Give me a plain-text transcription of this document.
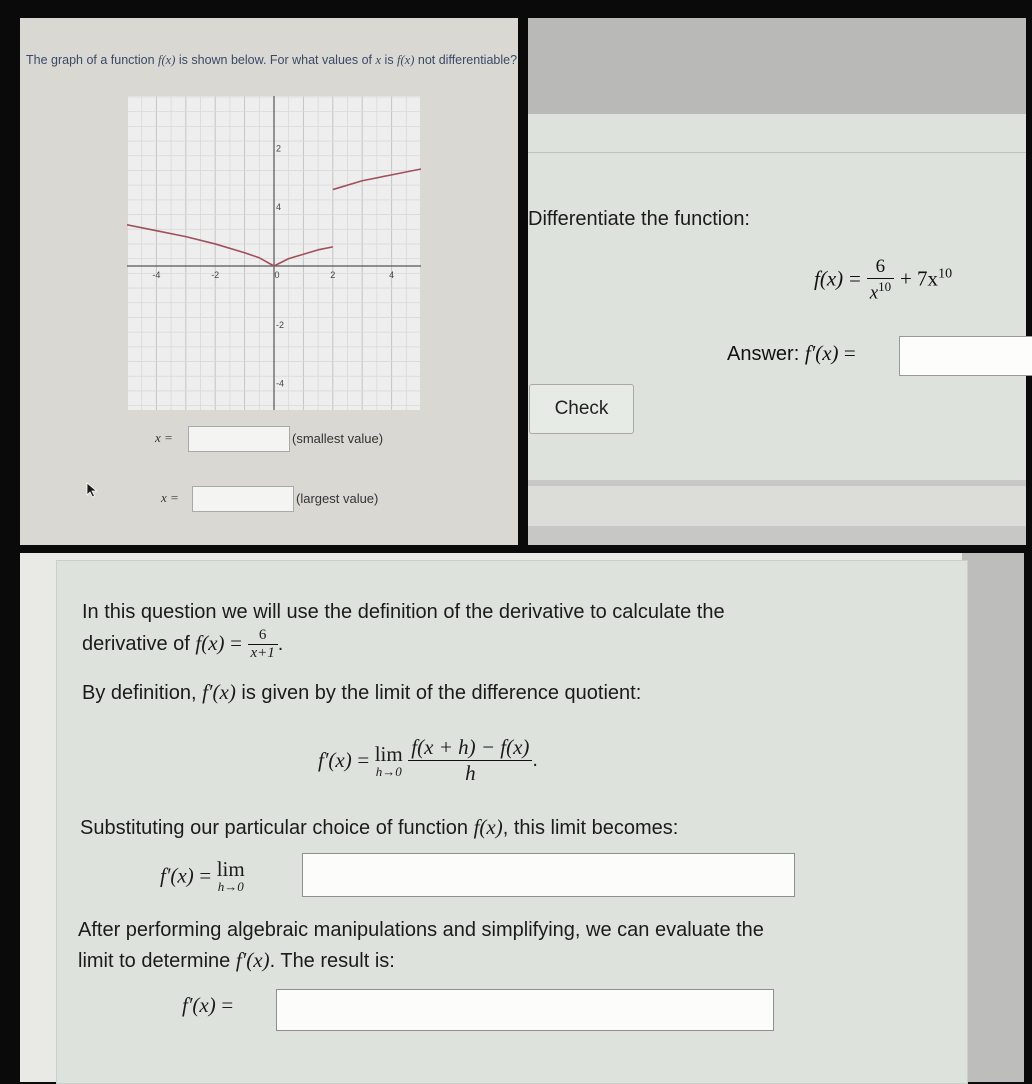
The graph of a function f(x) is shown below. For what values of x is f(x) not differentiable?
-4	-2	0	2	4
4
2
-2
-4
x =	(smallest value)
x =	(largest value)
Differentiate the function:
$f(x) = \frac{6}{x^{10}} + 7x^{10}$
Answer: f′(x) =
Check
In this question we will use the definition of the derivative to calculate the
derivative of $f(x) = \frac{6}{x+1}$ .
By definition, f′(x) is given by the limit of the difference quotient:
f′(x) = lim
h→0
$\frac{f(x + h) - f(x)}{h}$ .
Substituting our particular choice of function f(x), this limit becomes:
f′(x) = lim
h→0
After performing algebraic manipulations and simplifying, we can evaluate the
limit to determine f′(x). The result is:
f′(x) =
